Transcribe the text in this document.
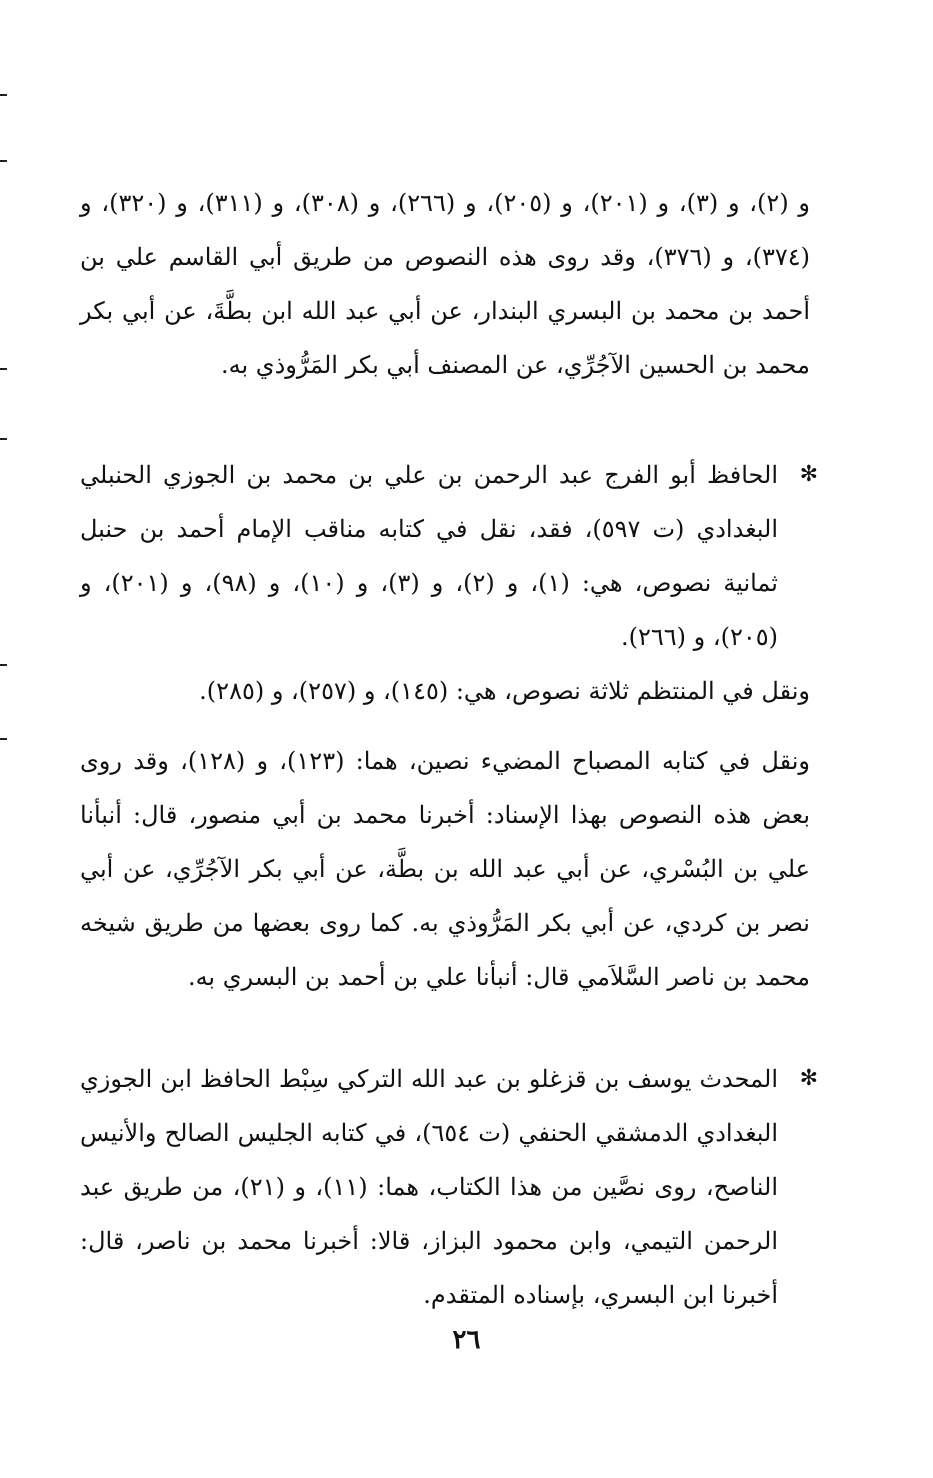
و (٢)، و (٣)، و (٢٠١)، و (٢٠٥)، و (٢٦٦)، و (٣٠٨)، و (٣١١)، و (٣٢٠)، و (٣٧٤)، و (٣٧٦)، وقد روى هذه النصوص من طريق أبي القاسم علي بن أحمد بن محمد بن البسري البندار، عن أبي عبد الله ابن بطَّةَ، عن أبي بكر محمد بن الحسين الآجُرِّي، عن المصنف أبي بكر المَرُّوذي به.

✻
الحافظ أبو الفرج عبد الرحمن بن علي بن محمد بن الجوزي الحنبلي البغدادي (ت ٥٩٧)، فقد، نقل في كتابه مناقب الإمام أحمد بن حنبل ثمانية نصوص، هي: (١)، و (٢)، و (٣)، و (١٠)، و (٩٨)، و (٢٠١)، و (٢٠٥)، و (٢٦٦).

ونقل في المنتظم ثلاثة نصوص، هي: (١٤٥)، و (٢٥٧)، و (٢٨٥).

ونقل في كتابه المصباح المضيء نصين، هما: (١٢٣)، و (١٢٨)، وقد روى بعض هذه النصوص بهذا الإسناد: أخبرنا محمد بن أبي منصور، قال: أنبأنا علي بن البُسْري، عن أبي عبد الله بن بطَّة، عن أبي بكر الآجُرِّي، عن أبي نصر بن كردي، عن أبي بكر المَرُّوذي به. كما روى بعضها من طريق شيخه محمد بن ناصر السَّلاَمي قال: أنبأنا علي بن أحمد بن البسري به.

✻
المحدث يوسف بن قزغلو بن عبد الله التركي سِبْط الحافظ ابن الجوزي البغدادي الدمشقي الحنفي (ت ٦٥٤)، في كتابه الجليس الصالح والأنيس الناصح، روى نصَّين من هذا الكتاب، هما: (١١)، و (٢١)، من طريق عبد الرحمن التيمي، وابن محمود البزاز، قالا: أخبرنا محمد بن ناصر، قال: أخبرنا ابن البسري، بإسناده المتقدم.

٢٦
